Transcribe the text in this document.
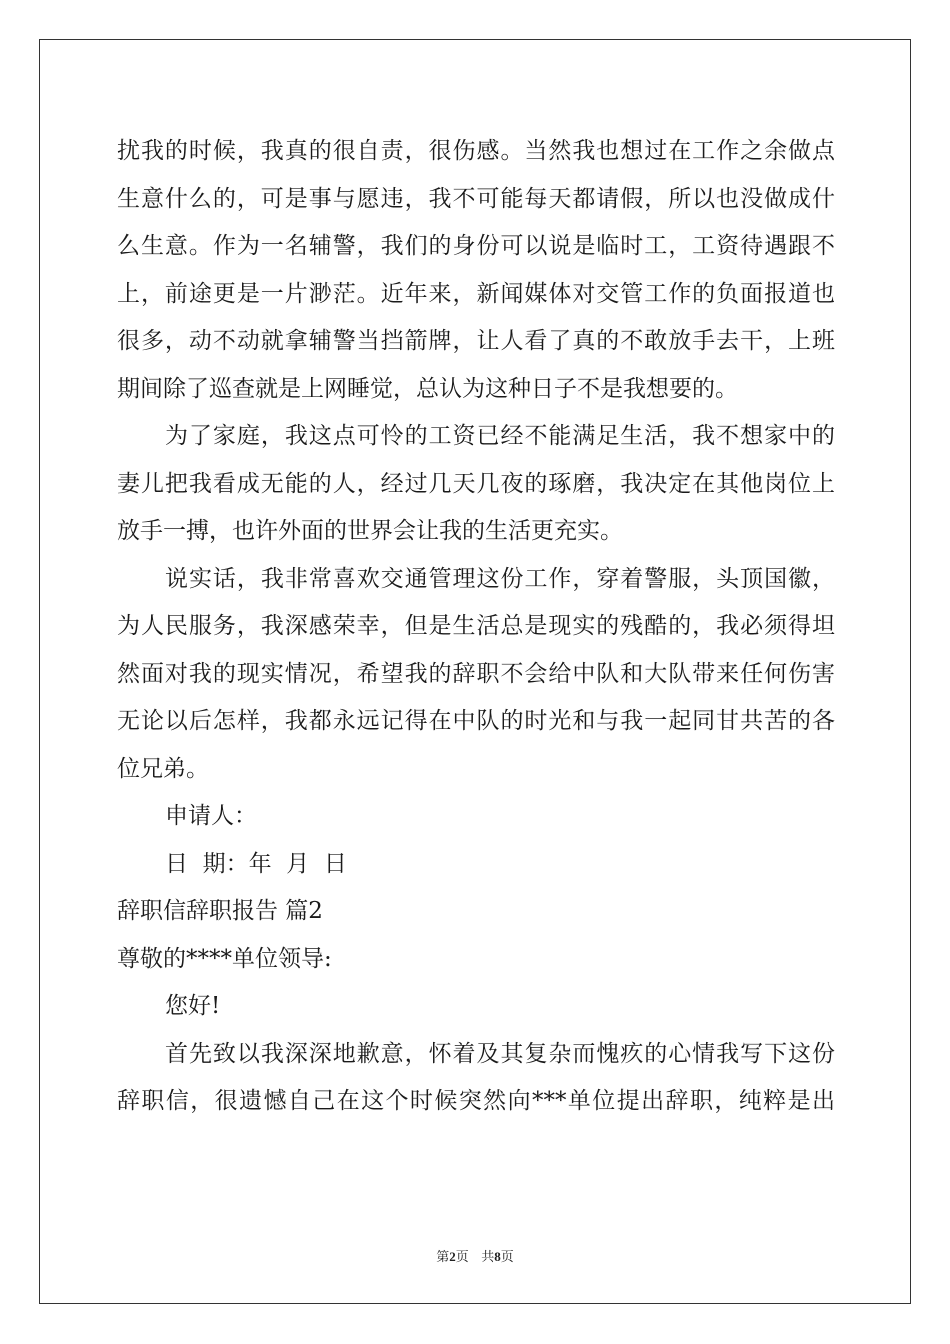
扰我的时候，我真的很自责，很伤感。当然我也想过在工作之余做点
生意什么的，可是事与愿违，我不可能每天都请假，所以也没做成什
么生意。作为一名辅警，我们的身份可以说是临时工，工资待遇跟不
上，前途更是一片渺茫。近年来，新闻媒体对交管工作的负面报道也
很多，动不动就拿辅警当挡箭牌，让人看了真的不敢放手去干，上班
期间除了巡查就是上网睡觉，总认为这种日子不是我想要的。
为了家庭，我这点可怜的工资已经不能满足生活，我不想家中的
妻儿把我看成无能的人，经过几天几夜的琢磨，我决定在其他岗位上
放手一搏，也许外面的世界会让我的生活更充实。
说实话，我非常喜欢交通管理这份工作，穿着警服，头顶国徽，
为人民服务，我深感荣幸，但是生活总是现实的残酷的，我必须得坦
然面对我的现实情况，希望我的辞职不会给中队和大队带来任何伤害
无论以后怎样，我都永远记得在中队的时光和与我一起同甘共苦的各
位兄弟。
申请人：
日  期：年  月  日
辞职信辞职报告 篇2
尊敬的****单位领导:
您好!
首先致以我深深地歉意，怀着及其复杂而愧疚的心情我写下这份
辞职信，很遗憾自己在这个时候突然向***单位提出辞职，纯粹是出
第2页   共8页
